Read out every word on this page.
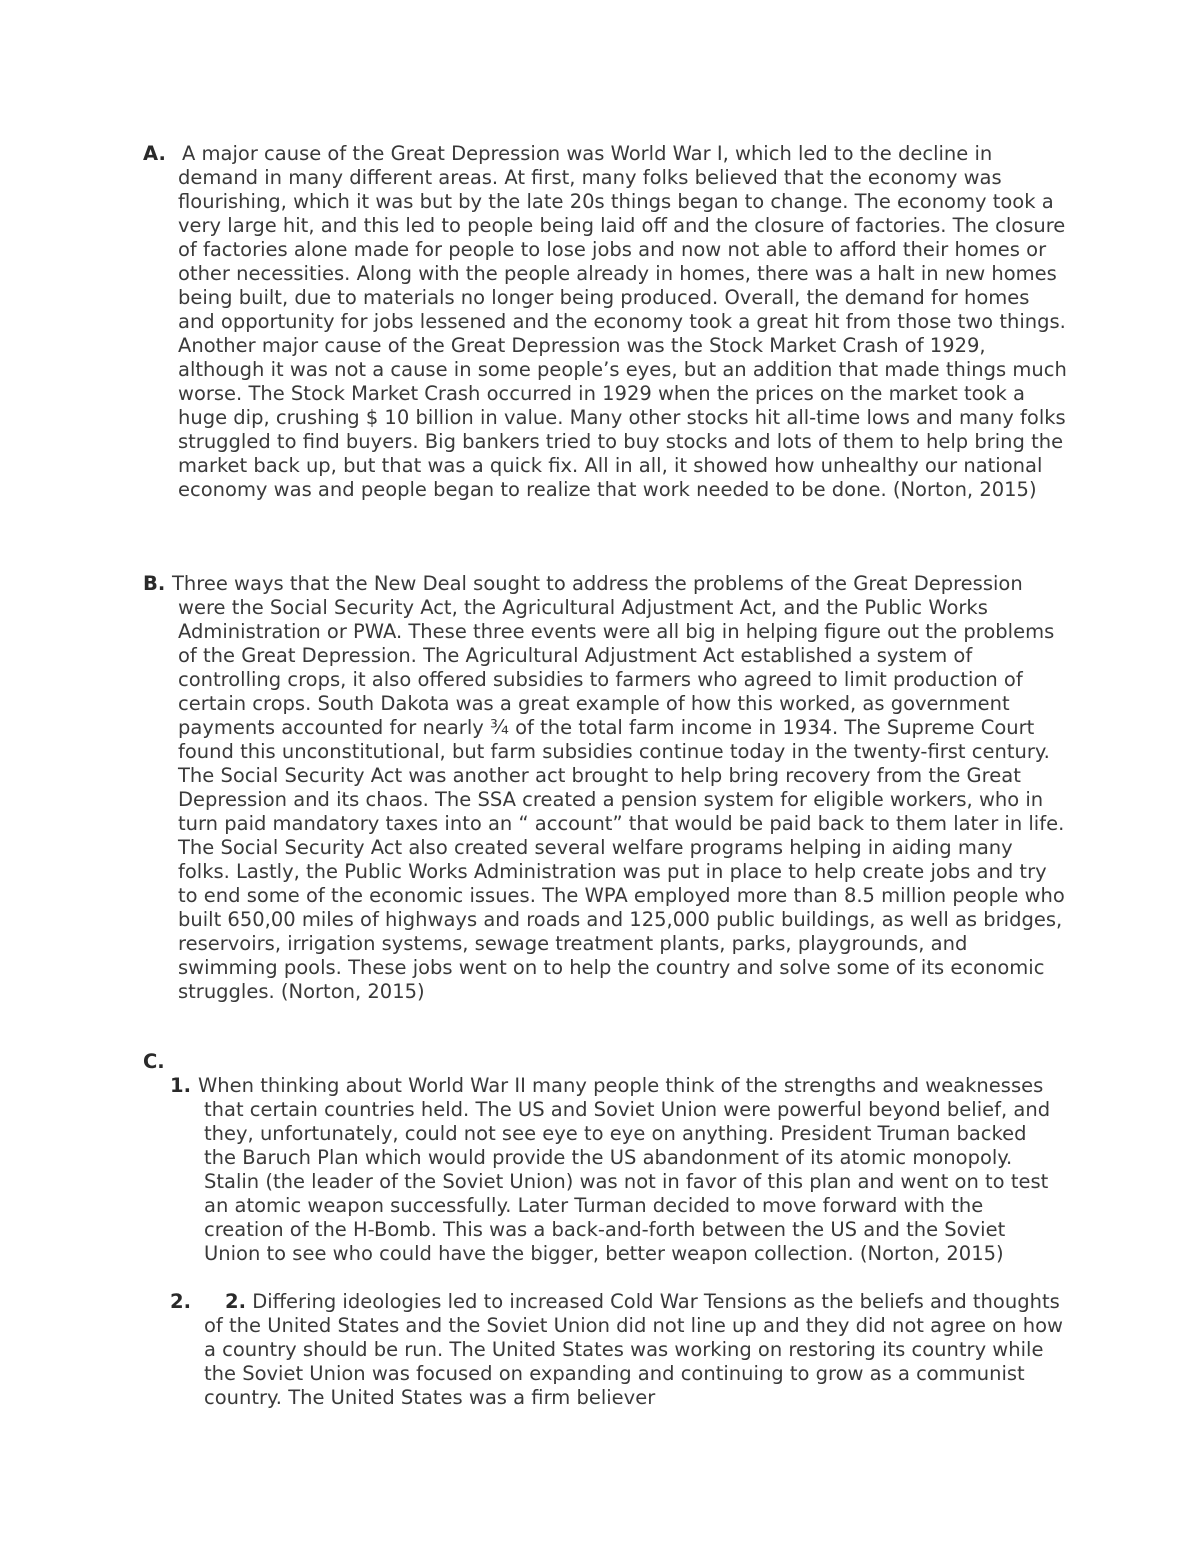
A. A major cause of the Great Depression was World War I, which led to the decline in demand in many different areas. At first, many folks believed that the economy was flourishing, which it was but by the late 20s things began to change. The economy took a very large hit, and this led to people being laid off and the closure of factories. The closure of factories alone made for people to lose jobs and now not able to afford their homes or other necessities. Along with the people already in homes, there was a halt in new homes being built, due to materials no longer being produced. Overall, the demand for homes and opportunity for jobs lessened and the economy took a great hit from those two things. Another major cause of the Great Depression was the Stock Market Crash of 1929, although it was not a cause in some people’s eyes, but an addition that made things much worse. The Stock Market Crash occurred in 1929 when the prices on the market took a huge dip, crushing $ 10 billion in value. Many other stocks hit all-time lows and many folks struggled to find buyers. Big bankers tried to buy stocks and lots of them to help bring the market back up, but that was a quick fix. All in all, it showed how unhealthy our national economy was and people began to realize that work needed to be done. (Norton, 2015)

B. Three ways that the New Deal sought to address the problems of the Great Depression were the Social Security Act, the Agricultural Adjustment Act, and the Public Works Administration or PWA. These three events were all big in helping figure out the problems of the Great Depression. The Agricultural Adjustment Act established a system of controlling crops, it also offered subsidies to farmers who agreed to limit production of certain crops. South Dakota was a great example of how this worked, as government payments accounted for nearly ¾ of the total farm income in 1934. The Supreme Court found this unconstitutional, but farm subsidies continue today in the twenty-first century. The Social Security Act was another act brought to help bring recovery from the Great Depression and its chaos. The SSA created a pension system for eligible workers, who in turn paid mandatory taxes into an “ account” that would be paid back to them later in life. The Social Security Act also created several welfare programs helping in aiding many folks. Lastly, the Public Works Administration was put in place to help create jobs and try to end some of the economic issues. The WPA employed more than 8.5 million people who built 650,00 miles of highways and roads and 125,000 public buildings, as well as bridges, reservoirs, irrigation systems, sewage treatment plants, parks, playgrounds, and swimming pools. These jobs went on to help the country and solve some of its economic struggles. (Norton, 2015)

C.
1. When thinking about World War II many people think of the strengths and weaknesses that certain countries held. The US and Soviet Union were powerful beyond belief, and they, unfortunately, could not see eye to eye on anything. President Truman backed the Baruch Plan which would provide the US abandonment of its atomic monopoly. Stalin (the leader of the Soviet Union) was not in favor of this plan and went on to test an atomic weapon successfully. Later Turman decided to move forward with the creation of the H-Bomb. This was a back-and-forth between the US and the Soviet Union to see who could have the bigger, better weapon collection. (Norton, 2015)

2.	2. Differing ideologies led to increased Cold War Tensions as the beliefs and thoughts of the United States and the Soviet Union did not line up and they did not agree on how a country should be run. The United States was working on restoring its country while the Soviet Union was focused on expanding and continuing to grow as a communist country. The United States was a firm believer
